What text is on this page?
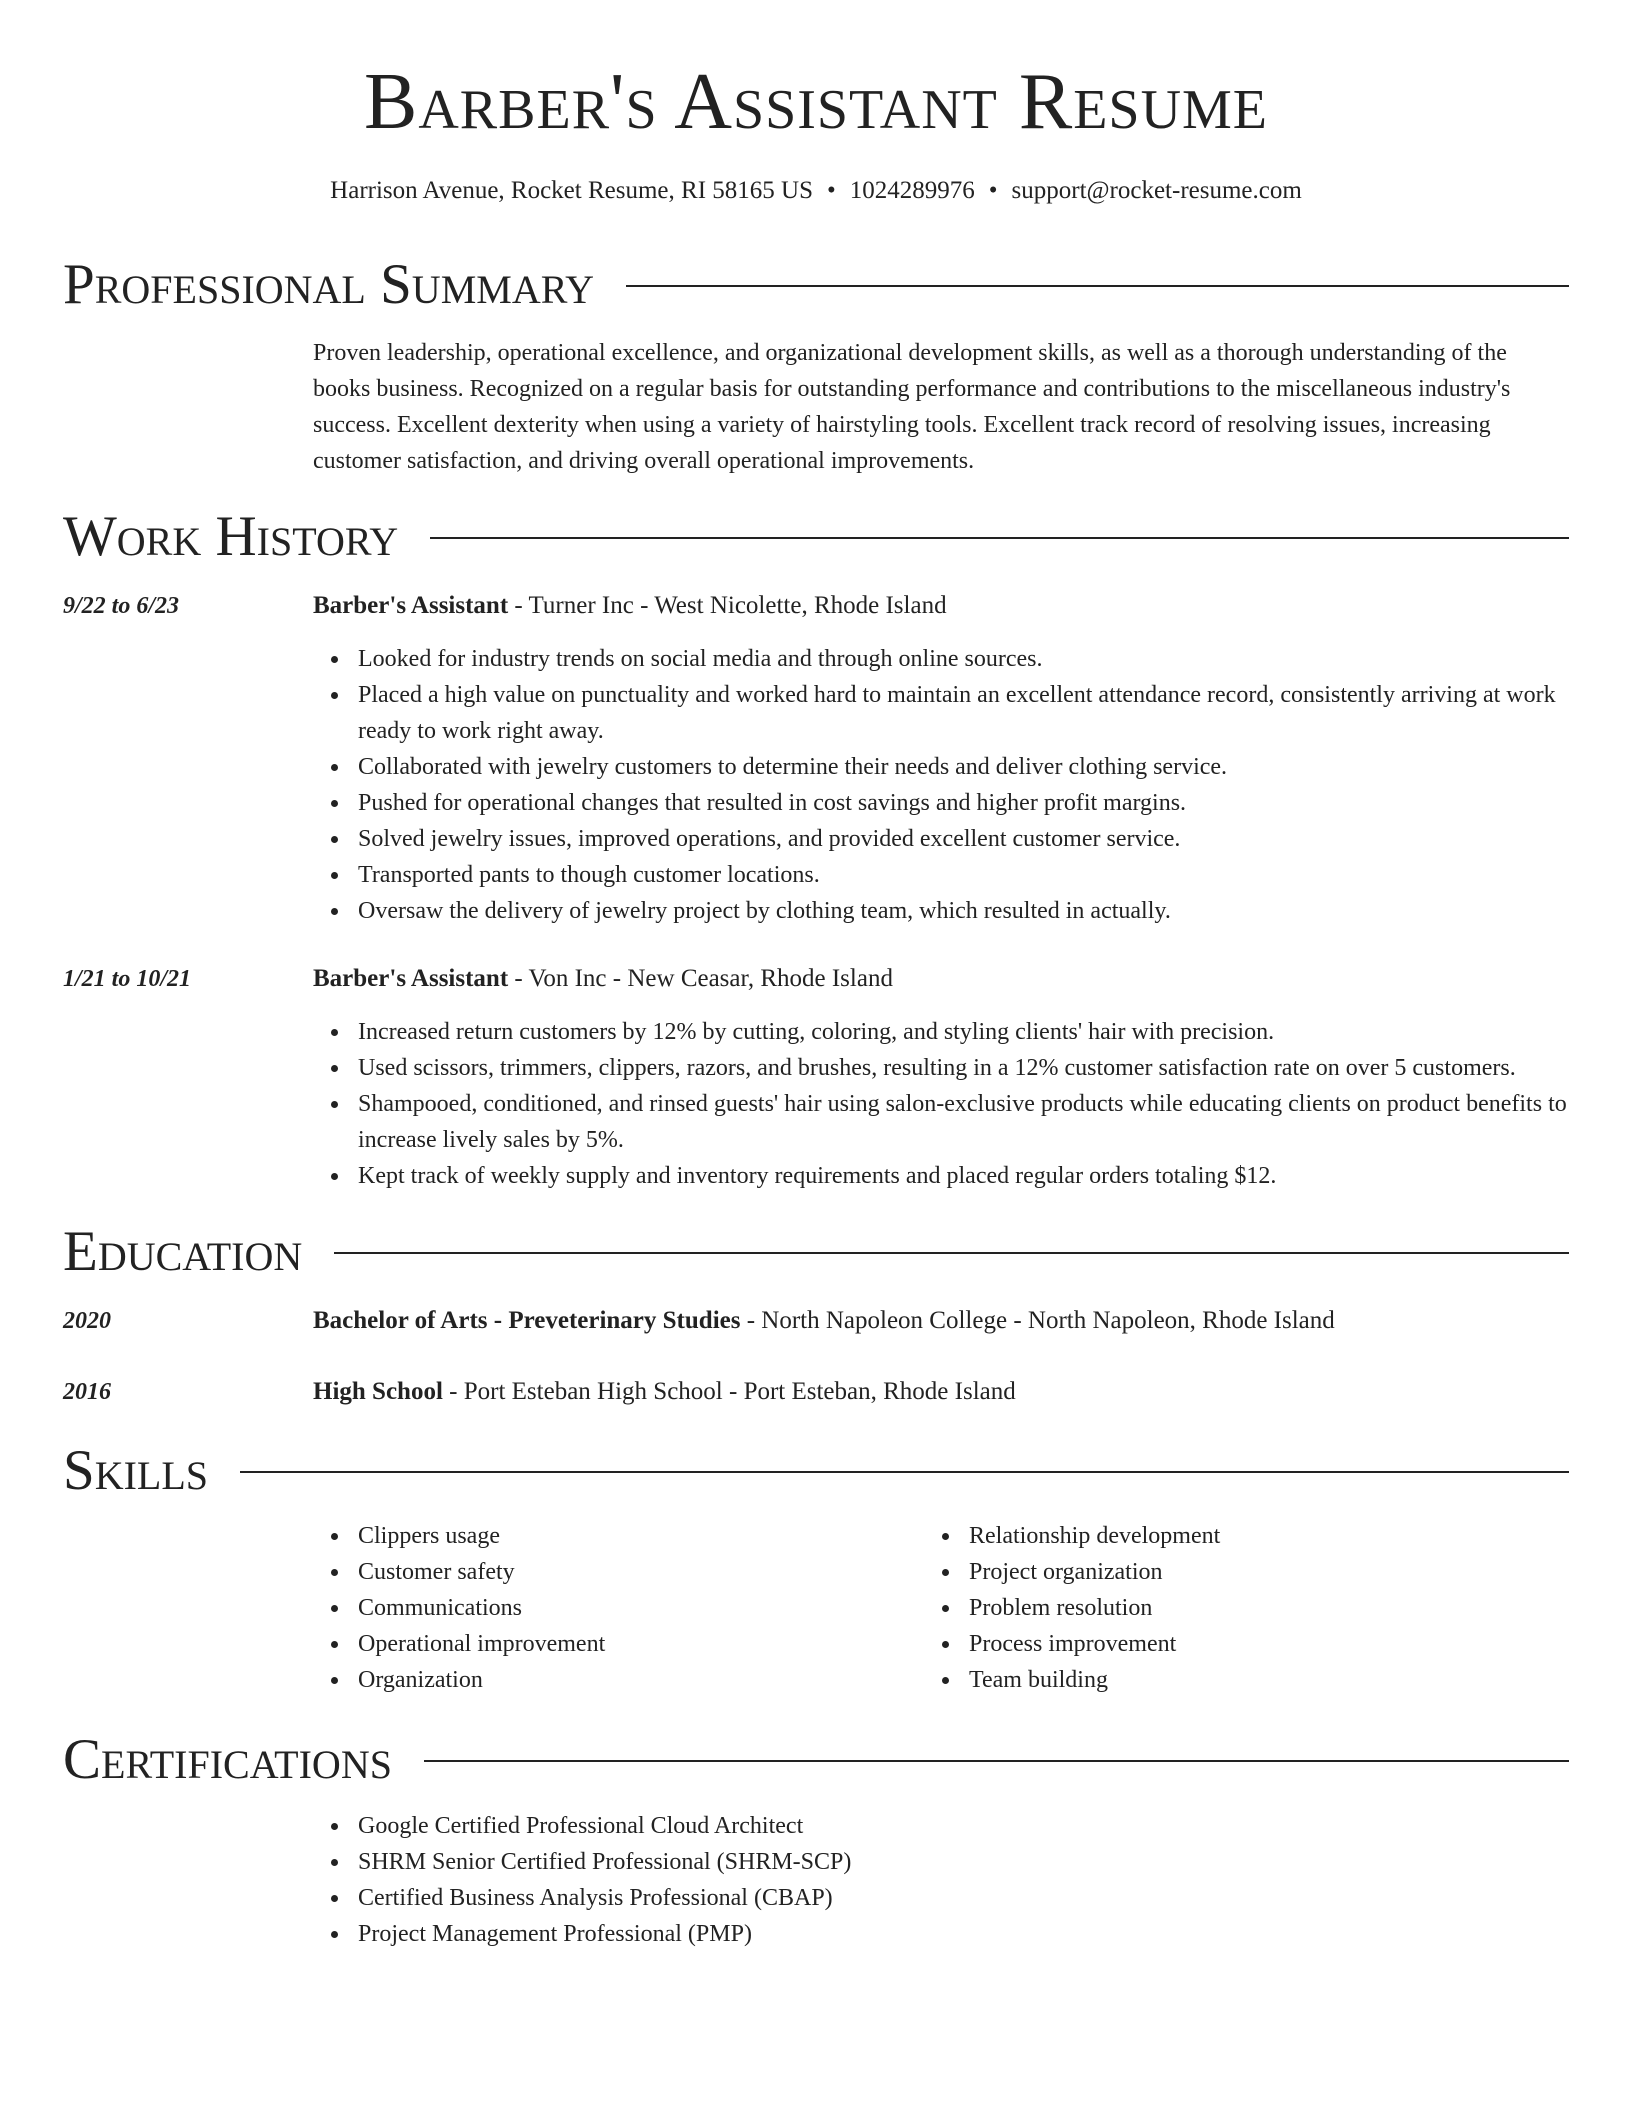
Barber's Assistant Resume
Harrison Avenue, Rocket Resume, RI 58165 US • 1024289976 • support@rocket-resume.com
Professional Summary
Proven leadership, operational excellence, and organizational development skills, as well as a thorough understanding of the books business. Recognized on a regular basis for outstanding performance and contributions to the miscellaneous industry's success. Excellent dexterity when using a variety of hairstyling tools. Excellent track record of resolving issues, increasing customer satisfaction, and driving overall operational improvements.
Work History
9/22 to 6/23	Barber's Assistant - Turner Inc - West Nicolette, Rhode Island
Looked for industry trends on social media and through online sources.
Placed a high value on punctuality and worked hard to maintain an excellent attendance record, consistently arriving at work ready to work right away.
Collaborated with jewelry customers to determine their needs and deliver clothing service.
Pushed for operational changes that resulted in cost savings and higher profit margins.
Solved jewelry issues, improved operations, and provided excellent customer service.
Transported pants to though customer locations.
Oversaw the delivery of jewelry project by clothing team, which resulted in actually.
1/21 to 10/21	Barber's Assistant - Von Inc - New Ceasar, Rhode Island
Increased return customers by 12% by cutting, coloring, and styling clients' hair with precision.
Used scissors, trimmers, clippers, razors, and brushes, resulting in a 12% customer satisfaction rate on over 5 customers.
Shampooed, conditioned, and rinsed guests' hair using salon-exclusive products while educating clients on product benefits to increase lively sales by 5%.
Kept track of weekly supply and inventory requirements and placed regular orders totaling $12.
Education
2020	Bachelor of Arts - Preveterinary Studies - North Napoleon College - North Napoleon, Rhode Island
2016	High School - Port Esteban High School - Port Esteban, Rhode Island
Skills
Clippers usage
Customer safety
Communications
Operational improvement
Organization
Relationship development
Project organization
Problem resolution
Process improvement
Team building
Certifications
Google Certified Professional Cloud Architect
SHRM Senior Certified Professional (SHRM-SCP)
Certified Business Analysis Professional (CBAP)
Project Management Professional (PMP)
